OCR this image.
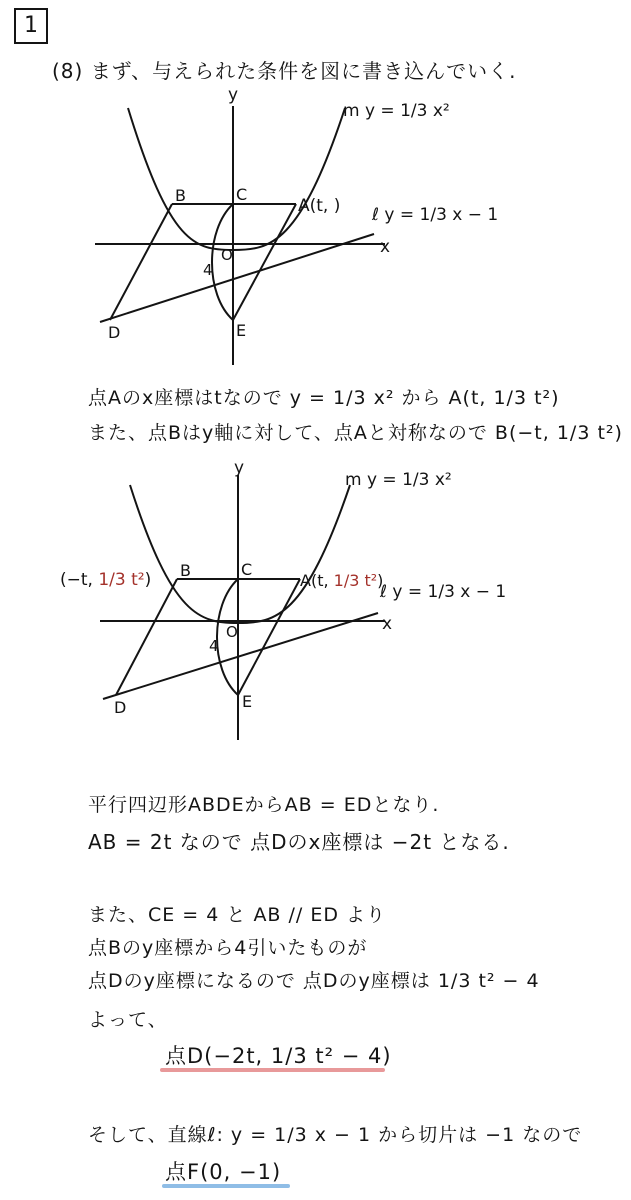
1
(8) まず、与えられた条件を図に書き込んでいく.
y
x
m y = 1/3 x²
ℓ y = 1/3 x − 1
A(t, )
B	C
D	E
O
4
点Aのx座標はtなので y = 1/3 x² から A(t, 1/3 t²)
また、点Bはy軸に対して、点Aと対称なので B(−t, 1/3 t²)
y
x
m y = 1/3 x²
ℓ y = 1/3 x − 1
A(t, 1/3 t²)
(−t, 1/3 t²) B	C
D	E
O
4
平行四辺形ABDEからAB = EDとなり.
AB = 2t なので 点Dのx座標は −2t となる.
また、CE = 4 と AB // ED より
点Bのy座標から4引いたものが
点Dのy座標になるので 点Dのy座標は 1/3 t² − 4
よって、
点D(−2t, 1/3 t² − 4)
そして、直線ℓ: y = 1/3 x − 1 から切片は −1 なので
点F(0, −1)
